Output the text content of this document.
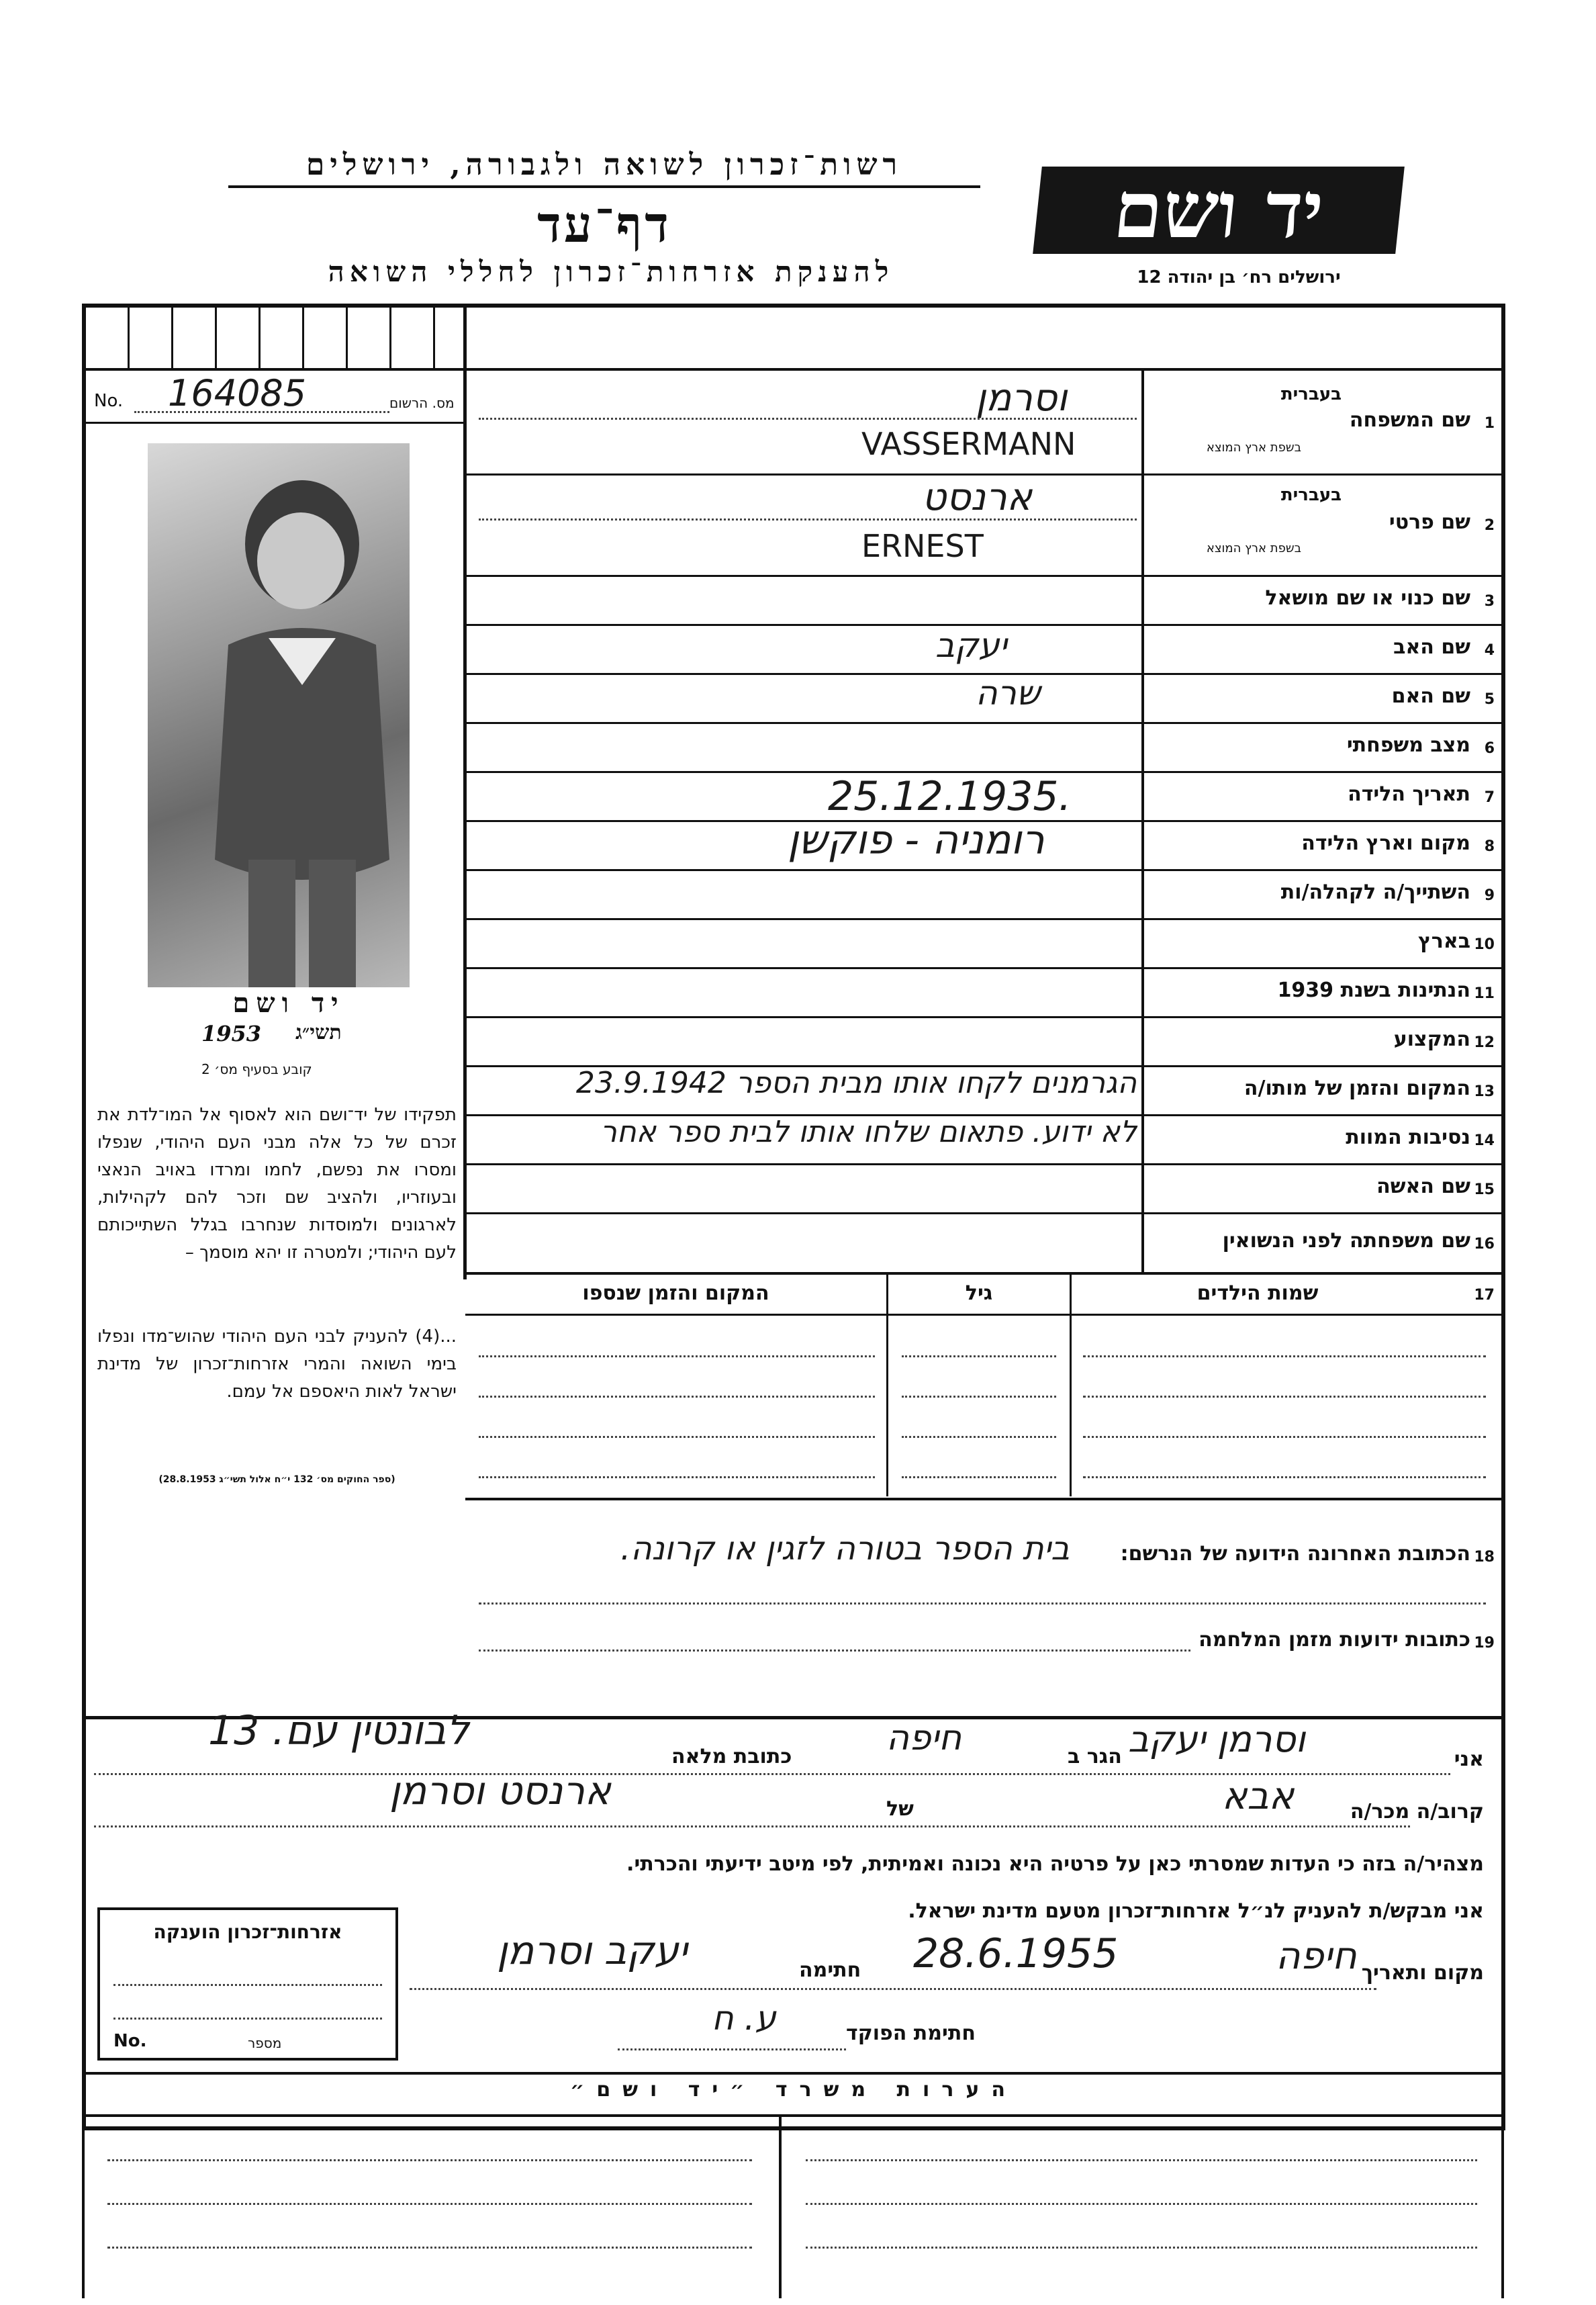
רשות־זכרון לשואה ולגבורה, ירושלים
דף־עד
להענקת אזרחות־זכרון לחללי השואה
יד ושם
ירושלים רח׳ בן יהודה 12
No. 164085	מס. הרשום
יד ושם
1953 תשי״ג
קובע בסעיף מס׳ 2
תפקידו של יד־ושם הוא לאסוף אל המו־לדת את זכרם של כל אלה מבני העם היהודי, שנפלו ומסרו את נפשם, לחמו ומרדו באויב הנאצי ובעוזריו, ולהציב שם וזכר להם לקהילות, לארגונים ולמוסדות שנחרבו בגלל השתייכותם לעם היהודי; ולמטרה זו יהא מוסמך –
...(4) להעניק לבני העם היהודי שהוש־מדו ונפלו בימי השואה והמרי אזרחות־זכרון של מדינת ישראל לאות היאספם אל עמם.
(ספר החוקים מס׳ 132 י״ח אלול תשי״ג 28.8.1953)
1
שם המשפחה
בעברית
בשפת ארץ המוצא
וסרמן
VASSERMANN
2
שם פרטי
בעברית
בשפת ארץ המוצא
ארנסט
ERNEST
3
שם כנוי או שם מושאל
4
שם האב
יעקב
5
שם האם
שרה
6
מצב משפחתי
7
תאריך הלידה
25.12.1935.
8
מקום וארץ הלידה
רומניה - פוקשן
9
השתייך/ה לקהלה/ות
10
בארץ
11
הנתינות בשנת 1939
12
המקצוע
13
המקום והזמן של מותו/ה
הגרמנים לקחו אותו מבית הספר 23.9.1942
14
נסיבות המוות
לא ידוע. פתאום שלחו אותו לבית ספר אחר
15
שם האשה
16
שם משפחתה לפני הנשואין
17
שמות הילדים
גיל
המקום והזמן שנספו
18
הכתובת האחרונה הידועה של הנרשם:
בית הספר בטורה לזגין או קרונה.
19
כתובות ידועות מזמן המלחמה
אני
וסרמן יעקב
הגר ב
חיפה
כתובת מלאה
לבונטין עם. 13
קרוב/ה מכר/ה
אבא
של
ארנסט וסרמן
מצהיר/ה בזה כי העדות שמסרתי כאן על פרטיה היא נכונה ואמיתית, לפי מיטב ידיעתי והכרתי.
אני מבקש/ת להעניק לנ״ל אזרחות־זכרון מטעם מדינת ישראל.
אזרחות־זכרון הוענקה
No.	מספר
מקום ותאריך
חיפה
28.6.1955
חתימה
יעקב וסרמן
חתימת הפוקד
ע. ח
הערות משרד ״יד ושם״
